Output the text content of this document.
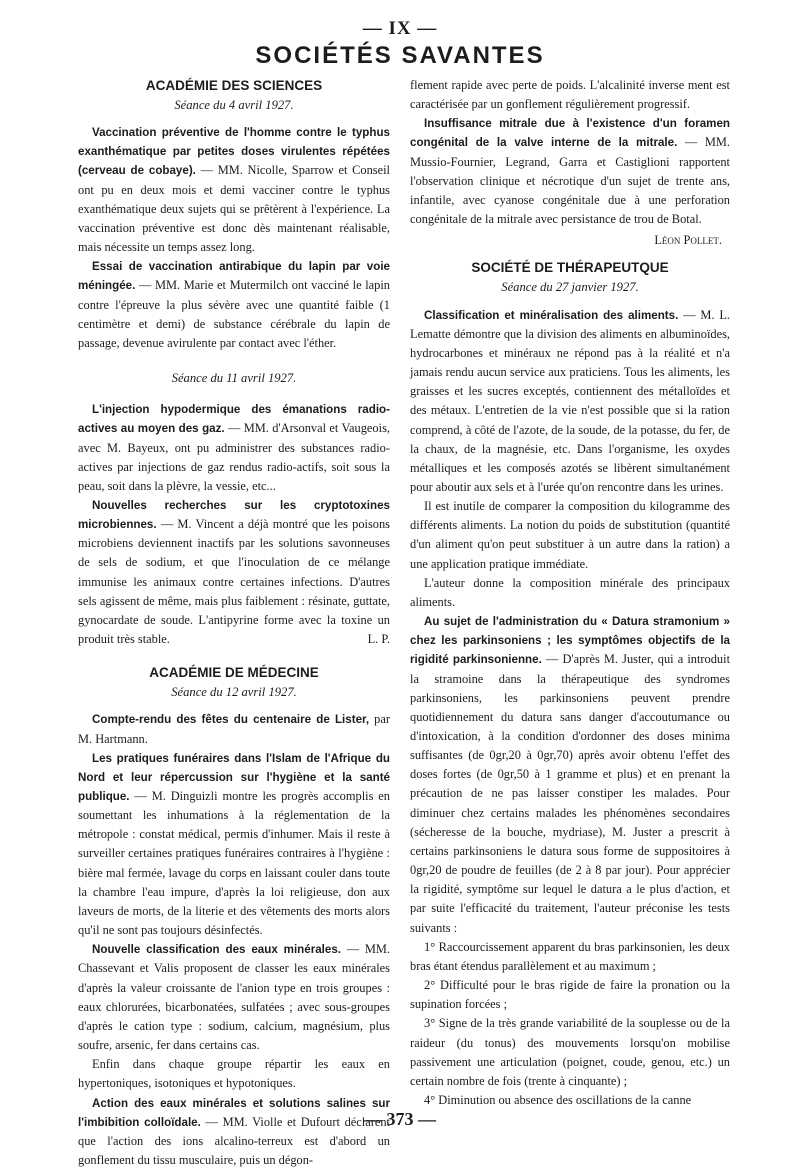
— IX —
SOCIÉTÉS SAVANTES
ACADÉMIE DES SCIENCES
Séance du 4 avril 1927.

Vaccination préventive de l'homme contre le typhus exanthématique par petites doses virulentes répétées (cerveau de cobaye). — MM. Nicolle, Sparrow et Conseil ont pu en deux mois et demi vacciner contre le typhus exanthématique deux sujets qui se prêtèrent à l'expérience. La vaccination préventive est donc dès maintenant réalisable, mais nécessite un temps assez long.

Essai de vaccination antirabique du lapin par voie méningée. — MM. Marie et Mutermilch ont vacciné le lapin contre l'épreuve la plus sévère avec une quantité faible (1 centimètre et demi) de substance cérébrale du lapin de passage, devenue avirulente par contact avec l'éther.

Séance du 11 avril 1927.

L'injection hypodermique des émanations radio-actives au moyen des gaz. — MM. d'Arsonval et Vaugeois, avec M. Bayeux, ont pu administrer des substances radio-actives par injections de gaz rendus radio-actifs, soit sous la peau, soit dans la plèvre, la vessie, etc...

Nouvelles recherches sur les cryptotoxines microbiennes. — M. Vincent a déjà montré que les poisons microbiens deviennent inactifs par les solutions savonneuses de sels de sodium, et que l'inoculation de ce mélange immunise les animaux contre certaines infections. D'autres sels agissent de même, mais plus faiblement : résinate, guttate, gynocardate de soude. L'antipyrine forme avec la toxine un produit très stable.	L. P.

ACADÉMIE DE MÉDECINE
Séance du 12 avril 1927.

Compte-rendu des fêtes du centenaire de Lister, par M. Hartmann.

Les pratiques funéraires dans l'Islam de l'Afrique du Nord et leur répercussion sur l'hygiène et la santé publique. — M. Dinguizli montre les progrès accomplis en soumettant les inhumations à la réglementation de la métropole : constat médical, permis d'inhumer. Mais il reste à surveiller certaines pratiques funéraires contraires à l'hygiène : bière mal fermée, lavage du corps en laissant couler dans toute la chambre l'eau impure, d'après la loi religieuse, don aux laveurs de morts, de la literie et des vêtements des morts alors qu'il ne sont pas toujours désinfectés.

Nouvelle classification des eaux minérales. — MM. Chassevant et Valis proposent de classer les eaux minérales d'après la valeur croissante de l'anion type en trois groupes : eaux chlorurées, bicarbonatées, sulfatées ; avec sous-groupes d'après le cation type : sodium, calcium, magnésium, plus soufre, arsenic, fer dans certains cas.

Enfin dans chaque groupe répartir les eaux en hypertoniques, isotoniques et hypotoniques.

Action des eaux minérales et solutions salines sur l'imbibition colloïdale. — MM. Violle et Dufourt déclarent que l'action des ions alcalino-terreux est d'abord un gonflement du tissu musculaire, puis un dégon-

flement rapide avec perte de poids. L'alcalinité inverse ment est caractérisée par un gonflement régulièrement progressif.

Insuffisance mitrale due à l'existence d'un foramen congénital de la valve interne de la mitrale. — MM. Mussio-Fournier, Legrand, Garra et Castiglioni rapportent l'observation clinique et nécrotique d'un sujet de trente ans, infantile, avec cyanose congénitale due à une perforation congénitale de la mitrale avec persistance de trou de Botal.

Léon Pollet.
SOCIÉTÉ DE THÉRAPEUTQUE
Séance du 27 janvier 1927.

Classification et minéralisation des aliments. — M. L. Lematte démontre que la division des aliments en albuminoïdes, hydrocarbones et minéraux ne répond pas à la réalité et n'a jamais rendu aucun service aux praticiens. Tous les aliments, les graisses et les sucres exceptés, contiennent des métalloïdes et des métaux. L'entretien de la vie n'est possible que si la ration comprend, à côté de l'azote, de la soude, de la potasse, du fer, de la chaux, de la magnésie, etc. Dans l'organisme, les oxydes métalliques et les composés azotés se libèrent simultanément pour aboutir aux sels et à l'urée qu'on rencontre dans les urines.

Il est inutile de comparer la composition du kilogramme des différents aliments. La notion du poids de substitution (quantité d'un aliment qu'on peut substituer à un autre dans la ration) a une application pratique immédiate.

L'auteur donne la composition minérale des principaux aliments.

Au sujet de l'administration du « Datura stramonium » chez les parkinsoniens ; les symptômes objectifs de la rigidité parkinsonienne. — D'après M. Juster, qui a introduit la stramoine dans la thérapeutique des syndromes parkinsoniens, les parkinsoniens peuvent prendre quotidiennement du datura sans danger d'accoutumance ou d'intoxication, à la condition d'ordonner des doses minima suffisantes (de 0gr,20 à 0gr,70) après avoir obtenu l'effet des doses fortes (de 0gr,50 à 1 gramme et plus) et en prenant la précaution de ne pas laisser constiper les malades. Pour diminuer chez certains malades les phénomènes secondaires (sécheresse de la bouche, mydriase), M. Juster a prescrit à certains parkinsoniens le datura sous forme de suppositoires à 0gr,20 de poudre de feuilles (de 2 à 8 par jour). Pour apprécier la rigidité, symptôme sur lequel le datura a le plus d'action, et par suite l'efficacité du traitement, l'auteur préconise les tests suivants :

1° Raccourcissement apparent du bras parkinsonien, les deux bras étant étendus parallèlement et au maximum ;

2° Difficulté pour le bras rigide de faire la pronation ou la supination forcées ;

3° Signe de la très grande variabilité de la souplesse ou de la raideur (du tonus) des mouvements lorsqu'on mobilise passivement une articulation (poignet, coude, genou, etc.) un certain nombre de fois (trente à cinquante) ;

4° Diminution ou absence des oscillations de la canne

— 373 —
